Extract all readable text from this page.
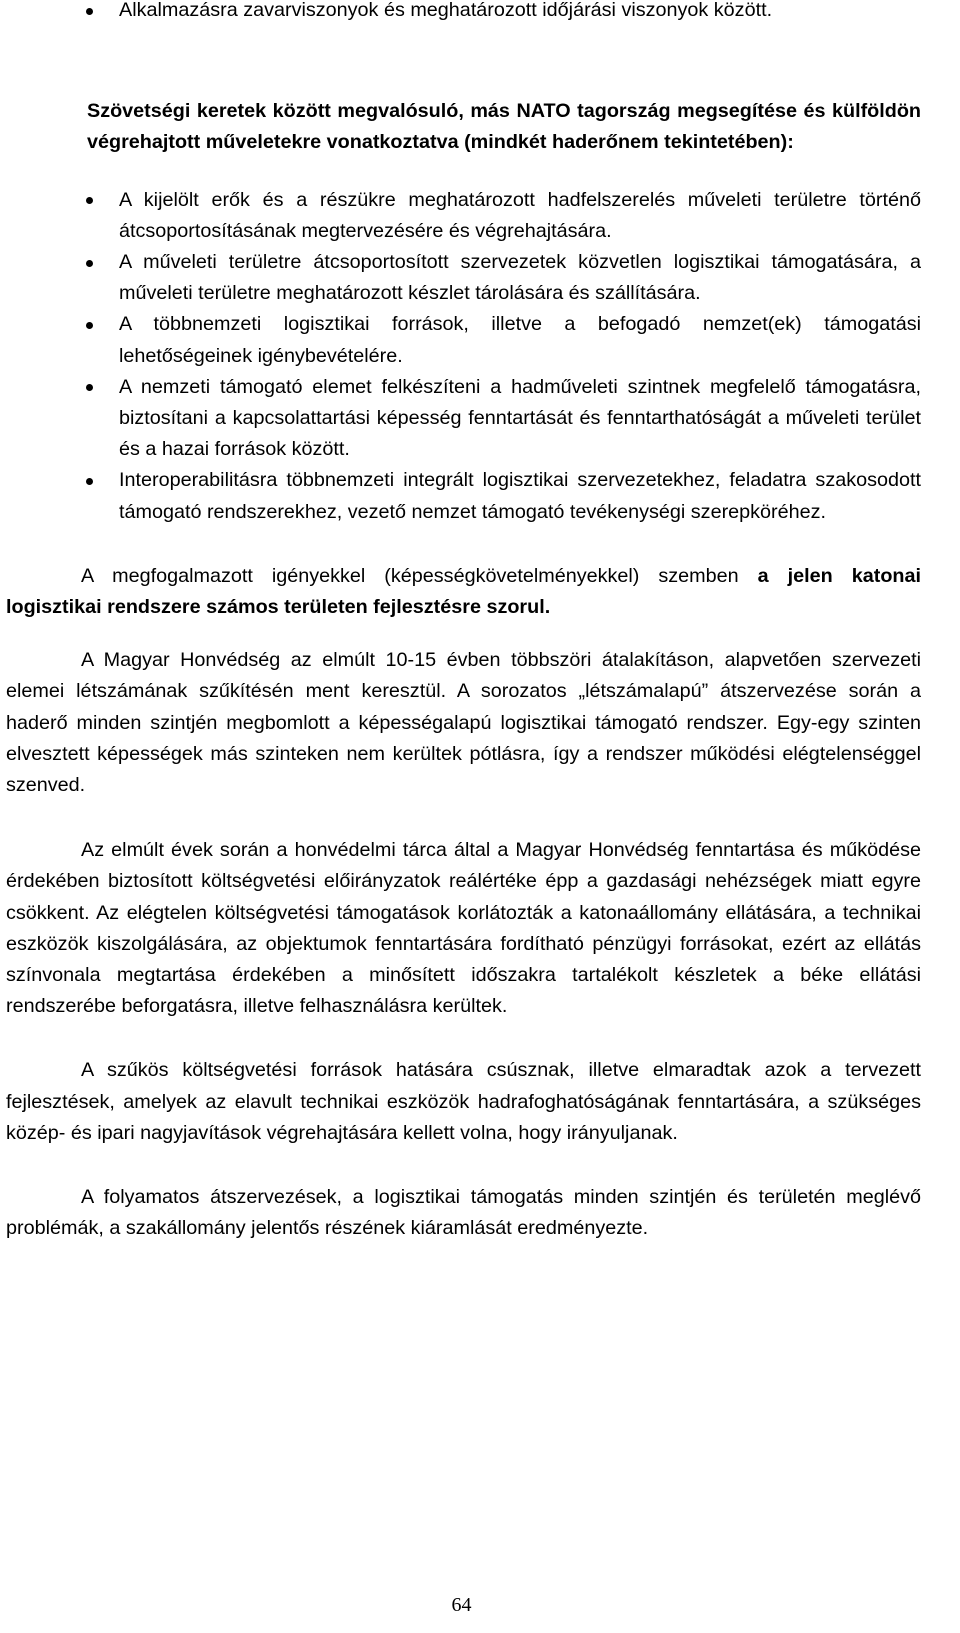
Alkalmazásra zavarviszonyok és meghatározott időjárási viszonyok között.

Szövetségi keretek között megvalósuló, más NATO tagország megsegítése és külföldön végrehajtott műveletekre vonatkoztatva (mindkét haderőnem tekintetében):

A kijelölt erők és a részükre meghatározott hadfelszerelés műveleti területre történő átcsoportosításának megtervezésére és végrehajtására.
A műveleti területre átcsoportosított szervezetek közvetlen logisztikai támogatására, a műveleti területre meghatározott készlet tárolására és szállítására.
A többnemzeti logisztikai források, illetve a befogadó nemzet(ek) támogatási lehetőségeinek igénybevételére.
A nemzeti támogató elemet felkészíteni a hadműveleti szintnek megfelelő támogatásra, biztosítani a kapcsolattartási képesség fenntartását és fenntarthatóságát a műveleti terület és a hazai források között.
Interoperabilitásra többnemzeti integrált logisztikai szervezetekhez, feladatra szakosodott támogató rendszerekhez, vezető nemzet támogató tevékenységi szerepköréhez.

A megfogalmazott igényekkel (képességkövetelményekkel) szemben a jelen katonai logisztikai rendszere számos területen fejlesztésre szorul.

A Magyar Honvédség az elmúlt 10-15 évben többszöri átalakításon, alapvetően szervezeti elemei létszámának szűkítésén ment keresztül. A sorozatos „létszámalapú” átszervezése során a haderő minden szintjén megbomlott a képességalapú logisztikai támogató rendszer. Egy-egy szinten elvesztett képességek más szinteken nem kerültek pótlásra, így a rendszer működési elégtelenséggel szenved.

Az elmúlt évek során a honvédelmi tárca által a Magyar Honvédség fenntartása és működése érdekében biztosított költségvetési előirányzatok reálértéke épp a gazdasági nehézségek miatt egyre csökkent. Az elégtelen költségvetési támogatások korlátozták a katonaállomány ellátására, a technikai eszközök kiszolgálására, az objektumok fenntartására fordítható pénzügyi forrásokat, ezért az ellátás színvonala megtartása érdekében a minősített időszakra tartalékolt készletek a béke ellátási rendszerébe beforgatásra, illetve felhasználásra kerültek.

A szűkös költségvetési források hatására csúsznak, illetve elmaradtak azok a tervezett fejlesztések, amelyek az elavult technikai eszközök hadrafoghatóságának fenntartására, a szükséges közép- és ipari nagyjavítások végrehajtására kellett volna, hogy irányuljanak.

A folyamatos átszervezések, a logisztikai támogatás minden szintjén és területén meglévő problémák, a szakállomány jelentős részének kiáramlását eredményezte.

64
